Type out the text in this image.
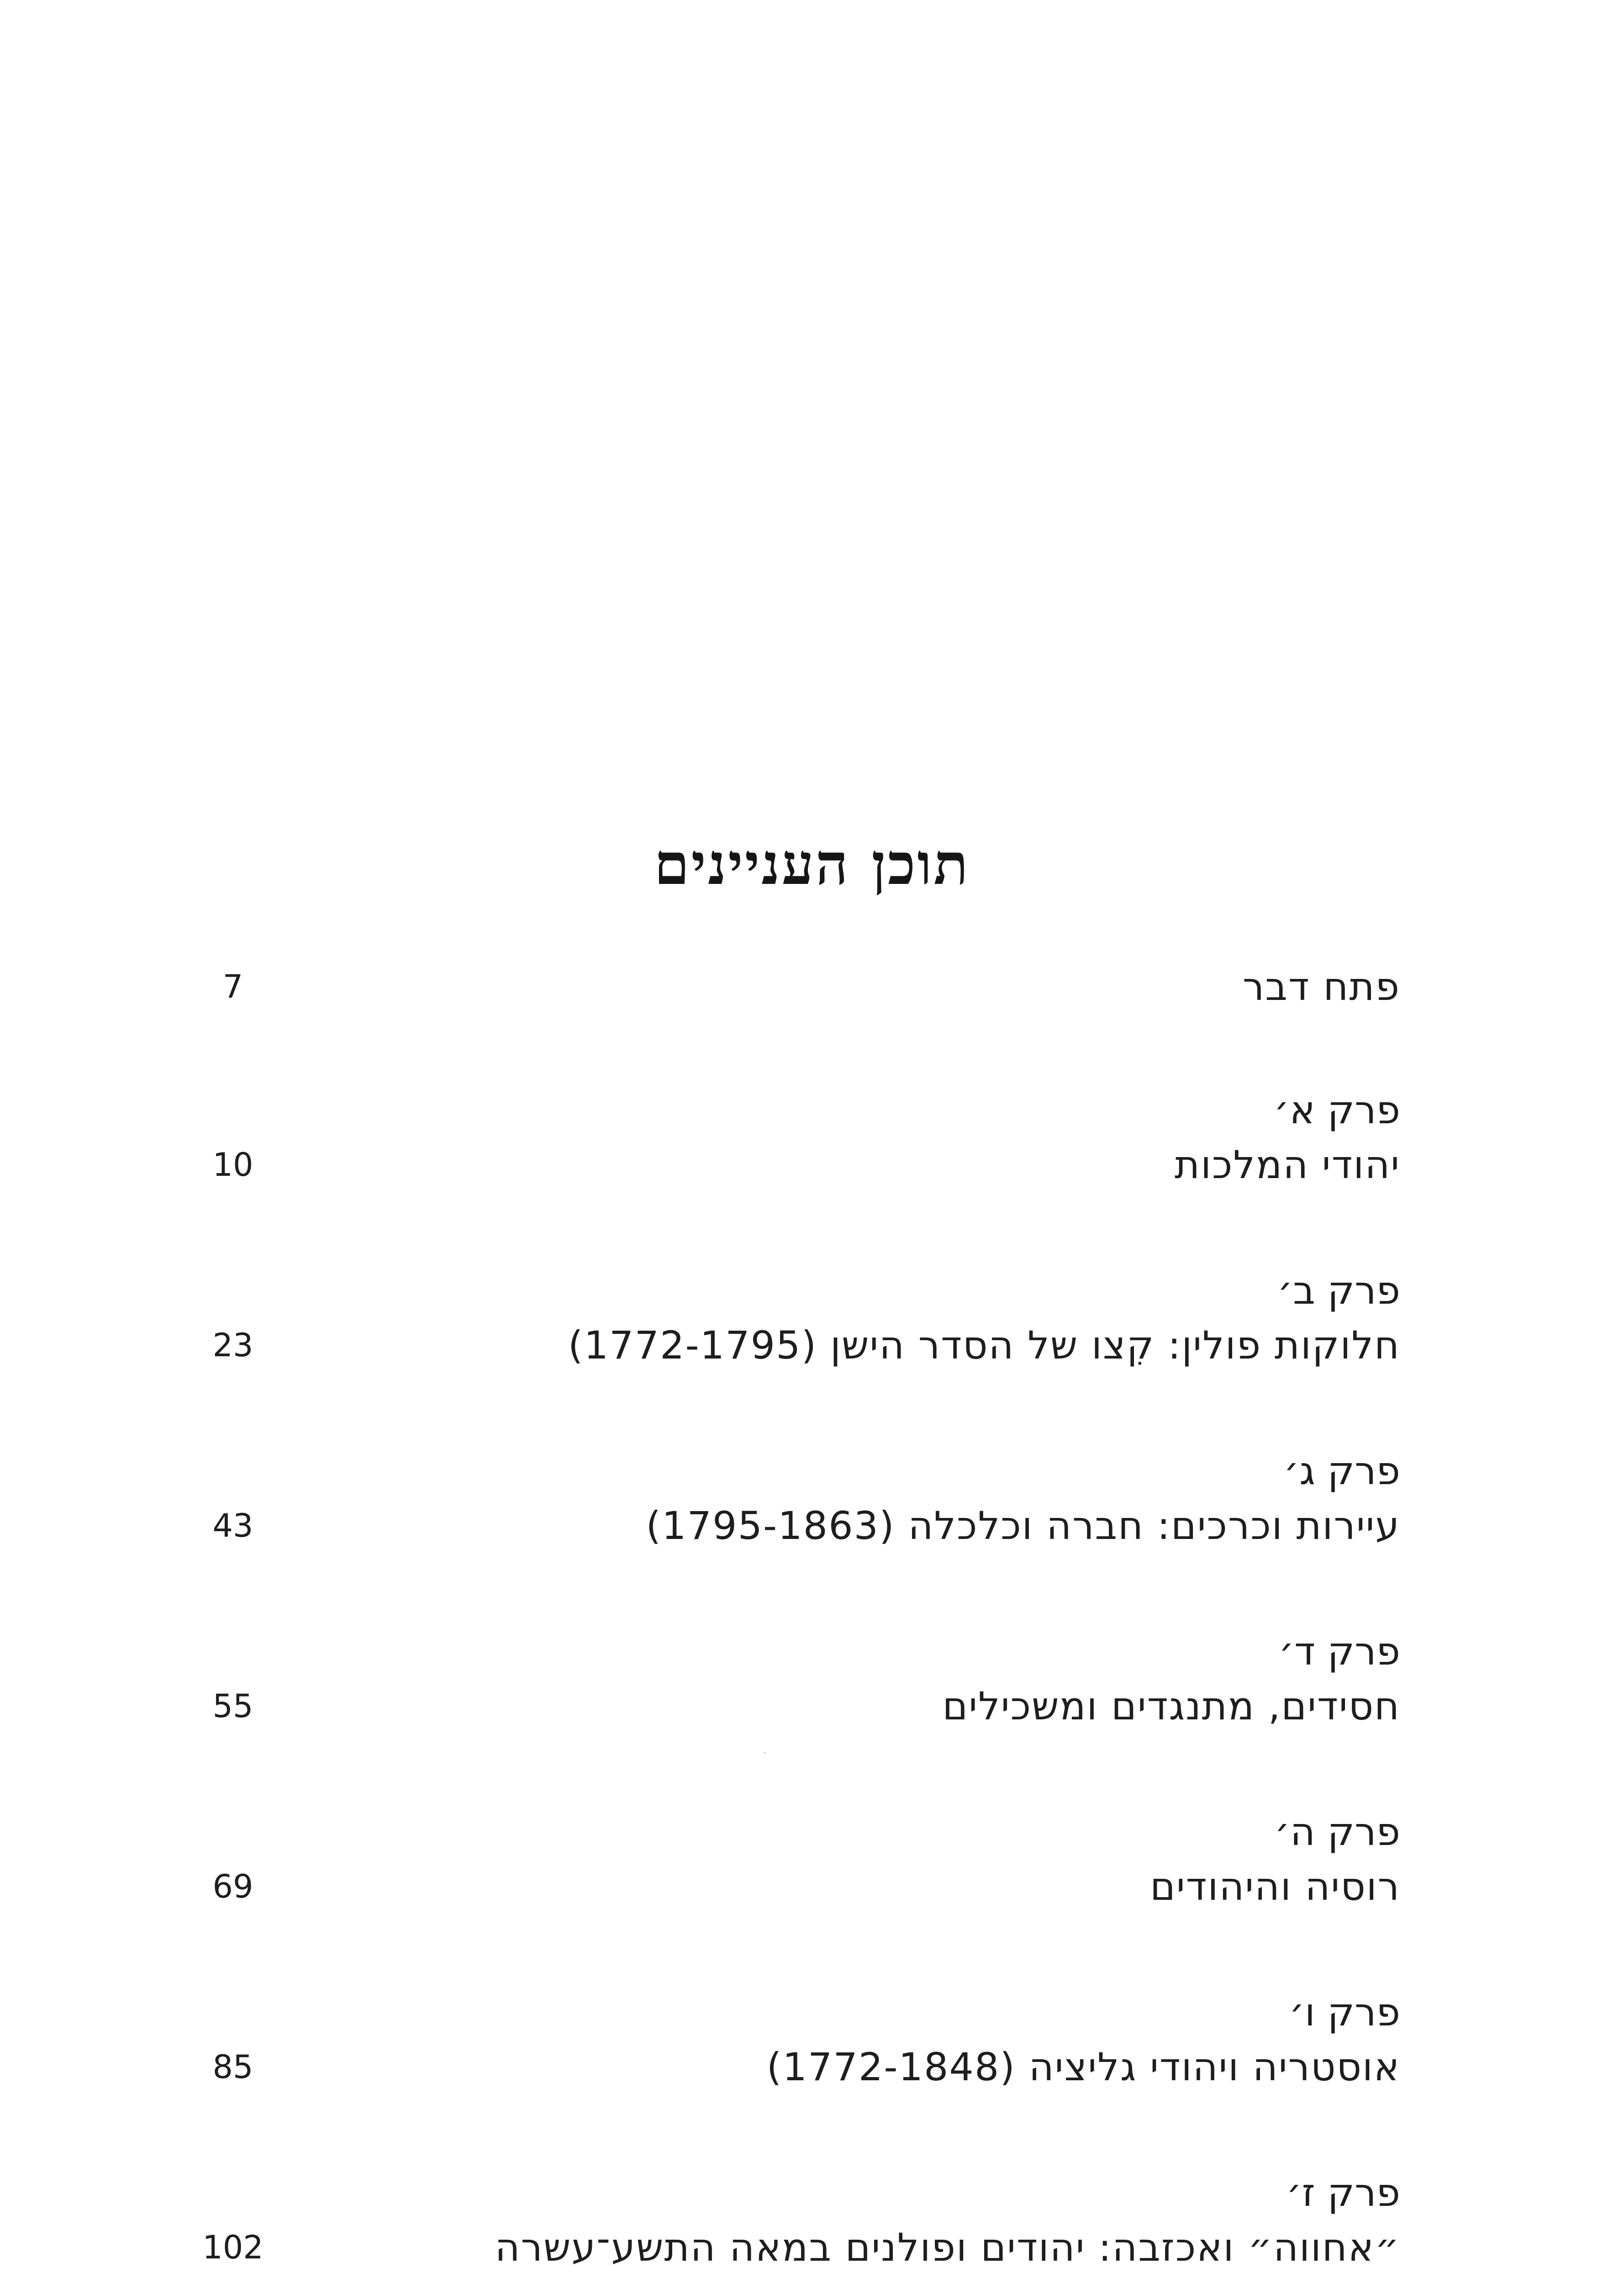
תוכן העניינים
פתח דבר
7
פרק א׳
יהודי המלכות
10
פרק ב׳
חלוקות פולין: קִצו של הסדר הישן (1772-1795)
23
פרק ג׳
עיירות וכרכים: חברה וכלכלה (1795-1863)
43
פרק ד׳
חסידים, מתנגדים ומשכילים
55
פרק ה׳
רוסיה והיהודים
69
פרק ו׳
אוסטריה ויהודי גליציה (1772-1848)
85
פרק ז׳
״אחווה״ ואכזבה: יהודים ופולנים במאה התשע־עשרה
102
